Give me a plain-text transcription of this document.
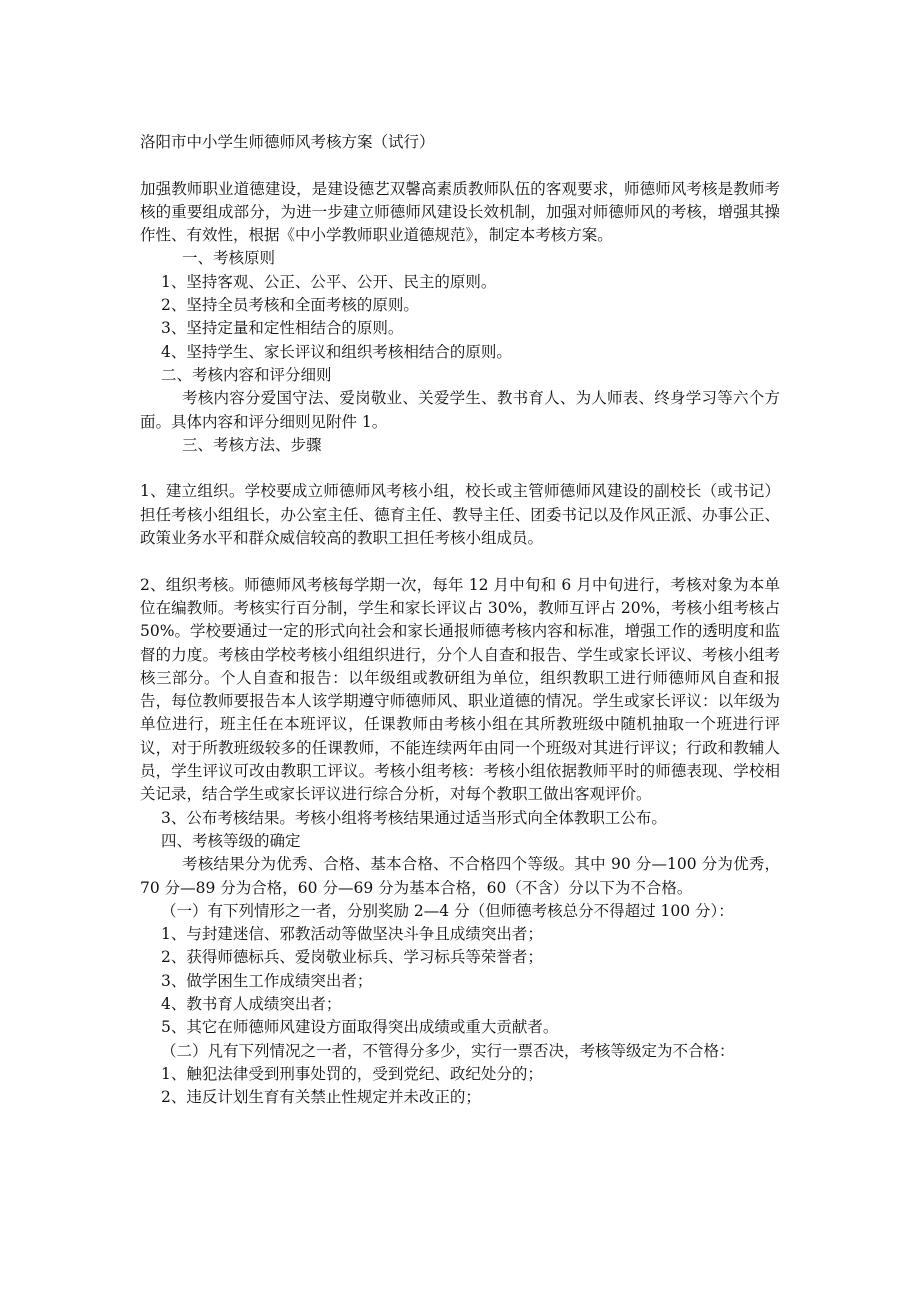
洛阳市中小学生师德师风考核方案（试行）

加强教师职业道德建设，是建设德艺双馨高素质教师队伍的客观要求，师德师风考核是教师考核的重要组成部分，为进一步建立师德师风建设长效机制，加强对师德师风的考核，增强其操作性、有效性，根据《中小学教师职业道德规范》，制定本考核方案。

一、考核原则

1、坚持客观、公正、公平、公开、民主的原则。

2、坚持全员考核和全面考核的原则。

3、坚持定量和定性相结合的原则。

4、坚持学生、家长评议和组织考核相结合的原则。

二、考核内容和评分细则

考核内容分爱国守法、爱岗敬业、关爱学生、教书育人、为人师表、终身学习等六个方面。具体内容和评分细则见附件 1。

三、考核方法、步骤

1、建立组织。学校要成立师德师风考核小组，校长或主管师德师风建设的副校长（或书记）担任考核小组组长，办公室主任、德育主任、教导主任、团委书记以及作风正派、办事公正、政策业务水平和群众威信较高的教职工担任考核小组成员。

2、组织考核。师德师风考核每学期一次，每年 12 月中旬和 6 月中旬进行，考核对象为本单位在编教师。考核实行百分制，学生和家长评议占 30%，教师互评占 20%，考核小组考核占 50%。学校要通过一定的形式向社会和家长通报师德考核内容和标准，增强工作的透明度和监督的力度。考核由学校考核小组组织进行，分个人自查和报告、学生或家长评议、考核小组考核三部分。个人自查和报告：以年级组或教研组为单位，组织教职工进行师德师风自查和报告，每位教师要报告本人该学期遵守师德师风、职业道德的情况。学生或家长评议：以年级为单位进行，班主任在本班评议，任课教师由考核小组在其所教班级中随机抽取一个班进行评议，对于所教班级较多的任课教师，不能连续两年由同一个班级对其进行评议；行政和教辅人员，学生评议可改由教职工评议。考核小组考核：考核小组依据教师平时的师德表现、学校相关记录，结合学生或家长评议进行综合分析，对每个教职工做出客观评价。

3、公布考核结果。考核小组将考核结果通过适当形式向全体教职工公布。

四、考核等级的确定

考核结果分为优秀、合格、基本合格、不合格四个等级。其中 90 分—100 分为优秀，70 分—89 分为合格，60 分—69 分为基本合格，60（不含）分以下为不合格。

（一）有下列情形之一者，分别奖励 2—4 分（但师德考核总分不得超过 100 分）：

1、与封建迷信、邪教活动等做坚决斗争且成绩突出者；

2、获得师德标兵、爱岗敬业标兵、学习标兵等荣誉者；

3、做学困生工作成绩突出者；

4、教书育人成绩突出者；

5、其它在师德师风建设方面取得突出成绩或重大贡献者。

（二）凡有下列情况之一者，不管得分多少，实行一票否决，考核等级定为不合格：

1、触犯法律受到刑事处罚的，受到党纪、政纪处分的；

2、违反计划生育有关禁止性规定并未改正的；
